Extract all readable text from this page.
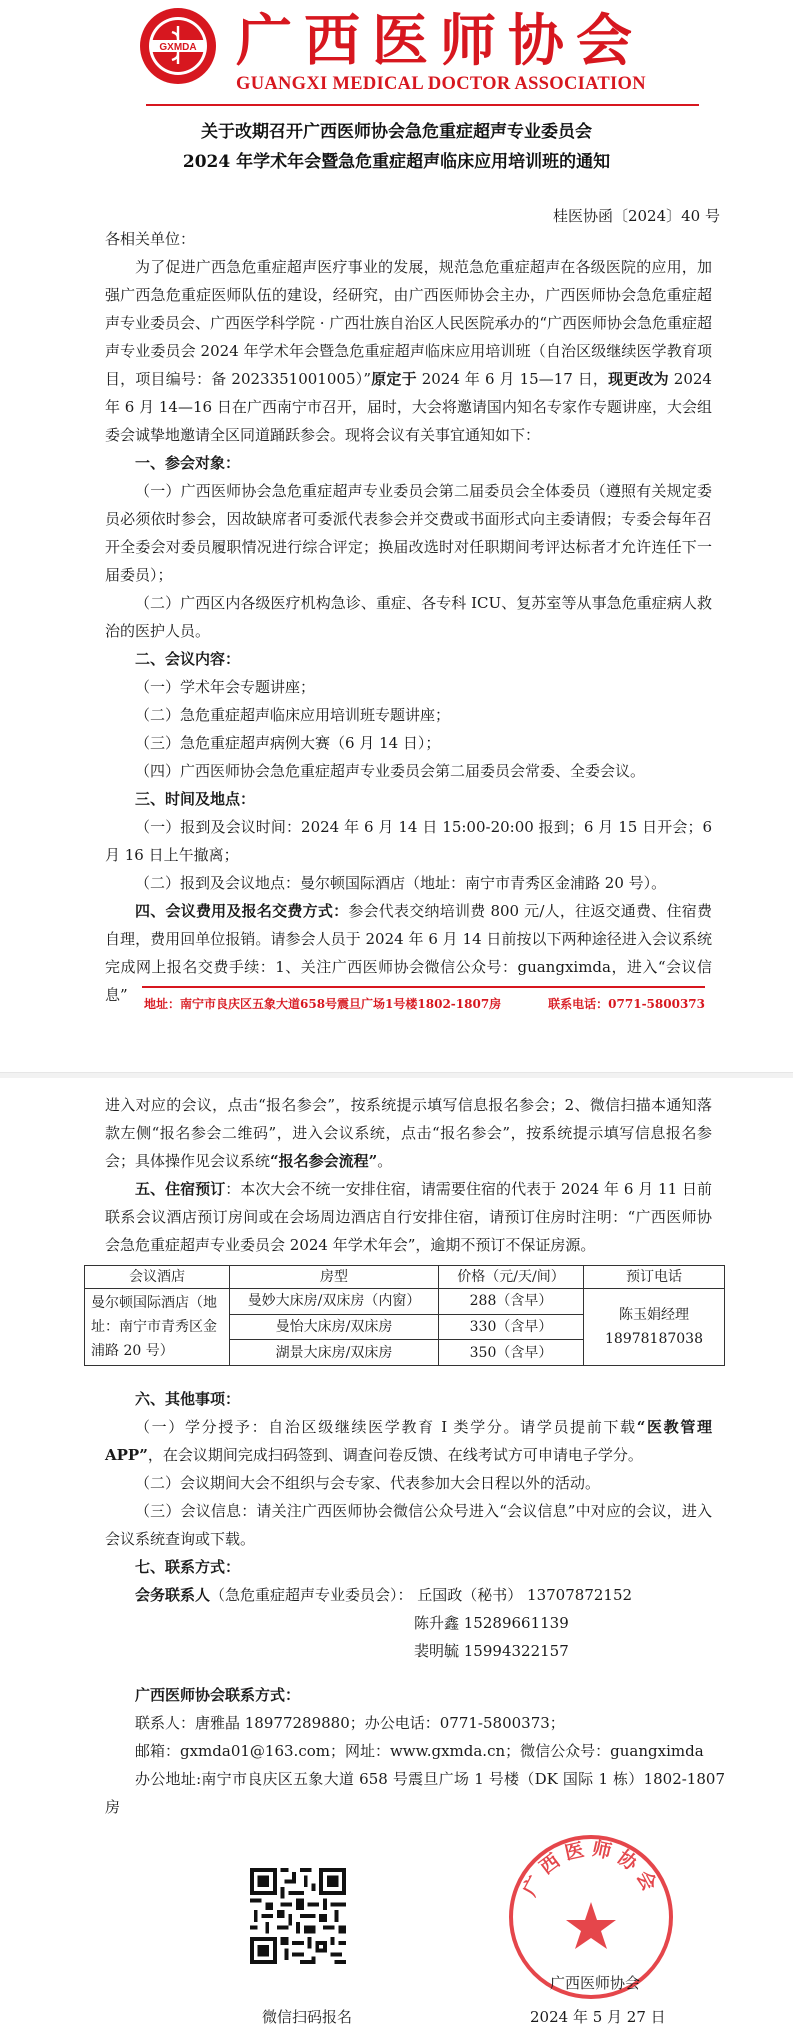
GXMDA 广西医师协会
GUANGXI MEDICAL DOCTOR ASSOCIATION
关于改期召开广西医师协会急危重症超声专业委员会
2024 年学术年会暨急危重症超声临床应用培训班的通知
桂医协函〔2024〕40 号
各相关单位：
为了促进广西急危重症超声医疗事业的发展，规范急危重症超声在各级医院的应用，加强广西急危重症医师队伍的建设，经研究，由广西医师协会主办，广西医师协会急危重症超声专业委员会、广西医学科学院 · 广西壮族自治区人民医院承办的“广西医师协会急危重症超声专业委员会 2024 年学术年会暨急危重症超声临床应用培训班（自治区级继续医学教育项目，项目编号：备 2023351001005）”原定于 2024 年 6 月 15—17 日，现更改为 2024 年 6 月 14—16 日在广西南宁市召开，届时，大会将邀请国内知名专家作专题讲座，大会组委会诚挚地邀请全区同道踊跃参会。现将会议有关事宜通知如下：
一、参会对象：
（一）广西医师协会急危重症超声专业委员会第二届委员会全体委员（遵照有关规定委员必须依时参会，因故缺席者可委派代表参会并交费或书面形式向主委请假；专委会每年召开全委会对委员履职情况进行综合评定；换届改选时对任职期间考评达标者才允许连任下一届委员）；
（二）广西区内各级医疗机构急诊、重症、各专科 ICU、复苏室等从事急危重症病人救治的医护人员。
二、会议内容：
（一）学术年会专题讲座；
（二）急危重症超声临床应用培训班专题讲座；
（三）急危重症超声病例大赛（6 月 14 日）；
（四）广西医师协会急危重症超声专业委员会第二届委员会常委、全委会议。
三、时间及地点：
（一）报到及会议时间：2024 年 6 月 14 日 15:00-20:00 报到；6 月 15 日开会；6 月 16 日上午撤离；
（二）报到及会议地点：曼尔顿国际酒店（地址：南宁市青秀区金浦路 20 号）。
四、会议费用及报名交费方式：参会代表交纳培训费 800 元/人，往返交通费、住宿费自理，费用回单位报销。请参会人员于 2024 年 6 月 14 日前按以下两种途径进入会议系统完成网上报名交费手续：1、关注广西医师协会微信公众号：guangximda，进入“会议信息”	地址：南宁市良庆区五象大道658号震旦广场1号楼1802-1807房	联系电话：0771-5800373
进入对应的会议，点击“报名参会”，按系统提示填写信息报名参会；2、微信扫描本通知落款左侧“报名参会二维码”，进入会议系统，点击“报名参会”，按系统提示填写信息报名参会；具体操作见会议系统“报名参会流程”。
五、住宿预订：本次大会不统一安排住宿，请需要住宿的代表于 2024 年 6 月 11 日前联系会议酒店预订房间或在会场周边酒店自行安排住宿，请预订住房时注明：“广西医师协会急危重症超声专业委员会 2024 年学术年会”，逾期不预订不保证房源。
会议酒店	房型	价格（元/天/间）	预订电话
曼尔顿国际酒店（地址：南宁市青秀区金浦路 20 号）	曼妙大床房/双床房（内窗）	288（含早）	陈玉娟经理
18978187038

	曼怡大床房/双床房	330（含早）	
	湖景大床房/双床房	350（含早）	
六、其他事项：
（一）学分授予：自治区级继续医学教育 I 类学分。请学员提前下载“医教管理 APP”，在会议期间完成扫码签到、调查问卷反馈、在线考试方可申请电子学分。
（二）会议期间大会不组织与会专家、代表参加大会日程以外的活动。
（三）会议信息：请关注广西医师协会微信公众号进入“会议信息”中对应的会议，进入会议系统查询或下载。
七、联系方式：
会务联系人（急危重症超声专业委员会）： 丘国政（秘书） 13707872152
陈升鑫 15289661139
裴明毓 15994322157
广西医师协会联系方式：
联系人：唐雅晶 18977289880；办公电话：0771-5800373；
邮箱：gxmda01@163.com；网址：www.gxmda.cn；微信公众号：guangximda
办公地址:南宁市良庆区五象大道 658 号震旦广场 1 号楼（DK 国际 1 栋）1802-1807 房
微信扫码报名
广西医师协会
广西医师协会
2024 年 5 月 27 日
